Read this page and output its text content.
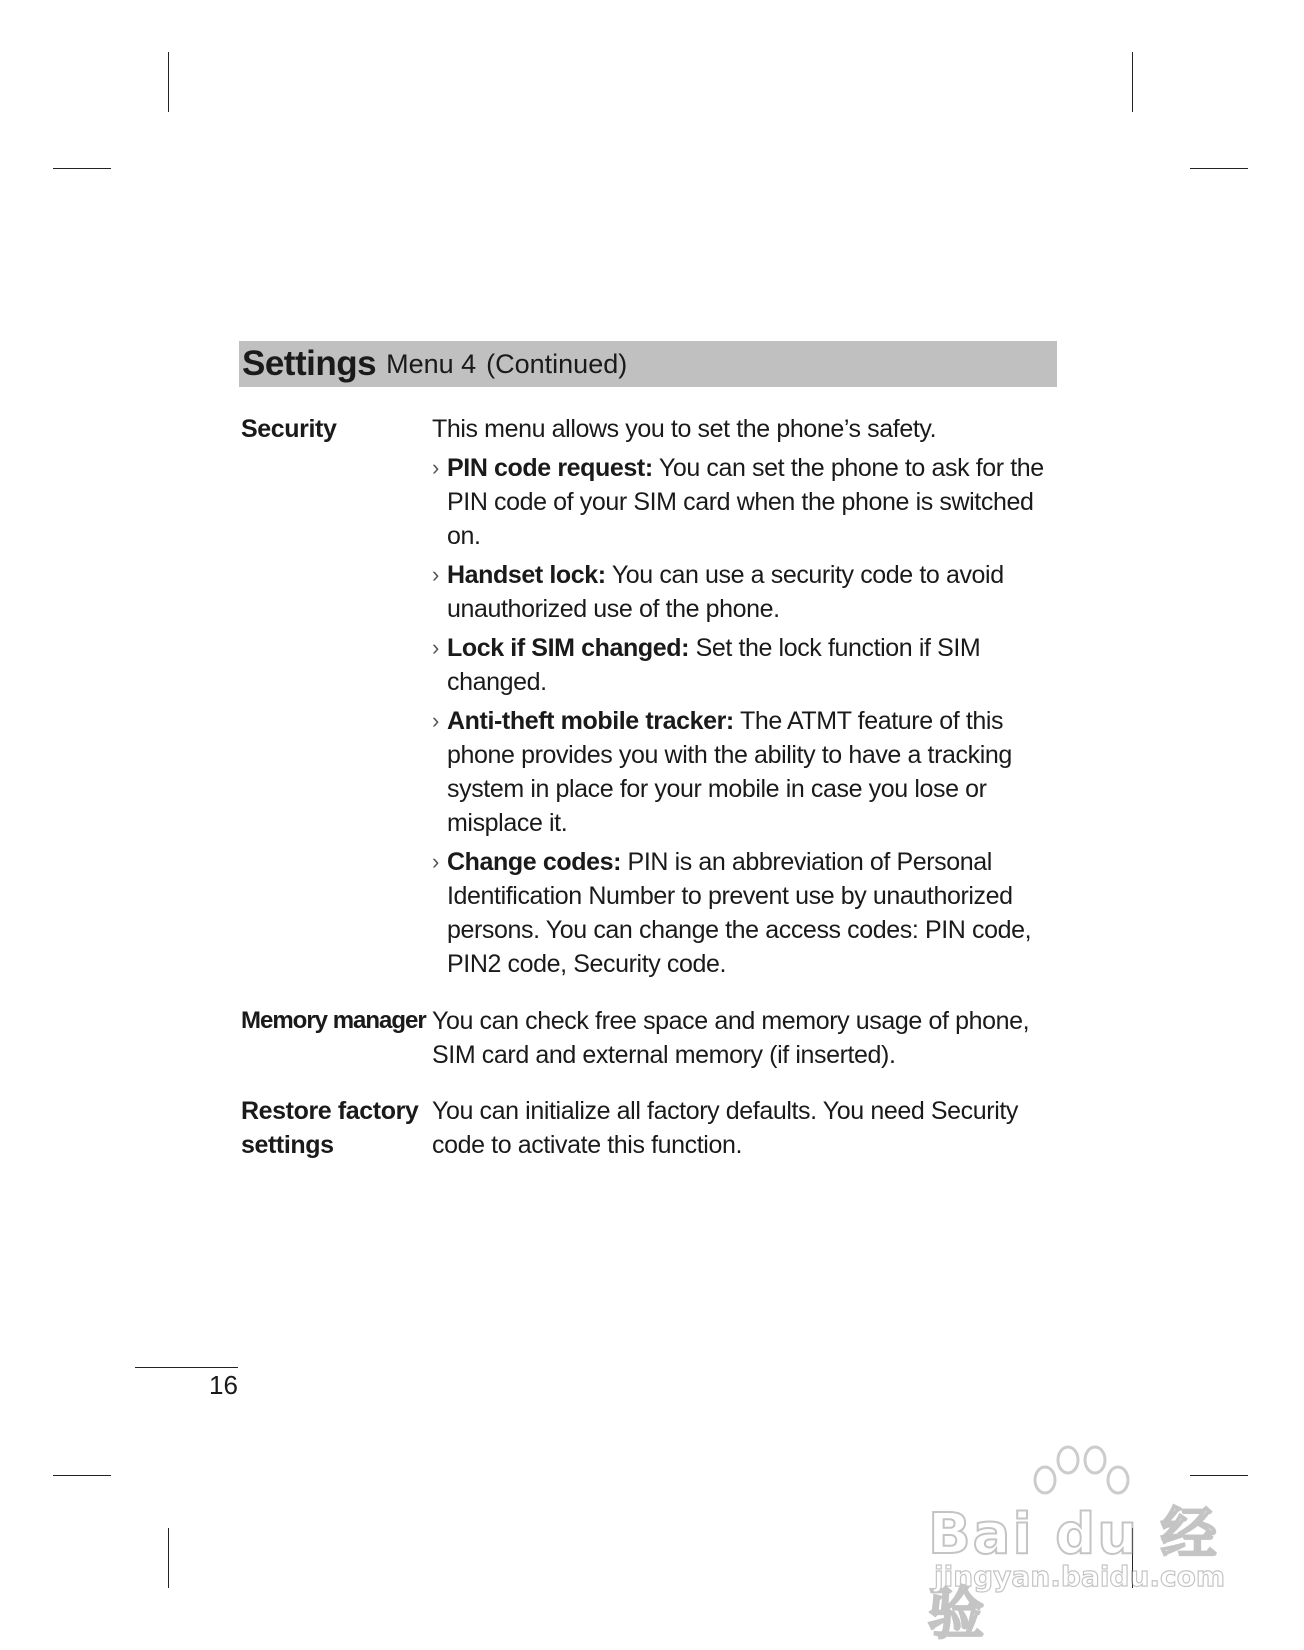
Settings Menu 4 (Continued)
Security	This menu allows you to set the phone’s safety.
› PIN code request: You can set the phone to ask for the PIN code of your SIM card when the phone is switched on.
› Handset lock: You can use a security code to avoid unauthorized use of the phone.
› Lock if SIM changed: Set the lock function if SIM changed.
› Anti-theft mobile tracker: The ATMT feature of this phone provides you with the ability to have a tracking system in place for your mobile in case you lose or misplace it.
› Change codes: PIN is an abbreviation of Personal Identification Number to prevent use by unauthorized persons. You can change the access codes: PIN code, PIN2 code, Security code.
Memory manager You can check free space and memory usage of phone, SIM card and external memory (if inserted).
Restore factory
settings
You can initialize all factory defaults. You need Security code to activate this function.
16
Bai du 经验
jingyan.baidu.com
